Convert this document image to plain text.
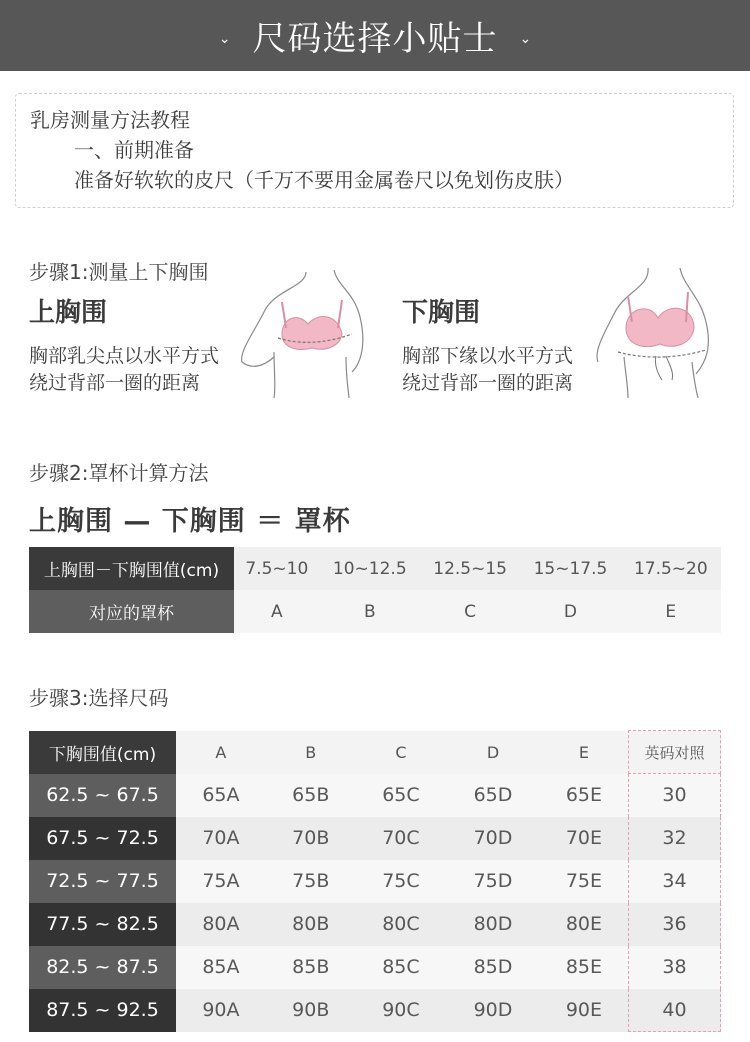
⌄ 尺码选择小贴士 ⌄
乳房测量方法教程
一、前期准备
准备好软软的皮尺（千万不要用金属卷尺以免划伤皮肤）
步骤1:测量上下胸围
上胸围
胸部乳尖点以水平方式
绕过背部一圈的距离
下胸围
胸部下缘以水平方式
绕过背部一圈的距离
步骤2:罩杯计算方法
上胸围 — 下胸围 ＝ 罩杯
上胸围－下胸围值(cm)	7.5~10	10~12.5	12.5~15	15~17.5	17.5~20
对应的罩杯	A	B	C	D	E
步骤3:选择尺码
下胸围值(cm)	A	B	C	D	E	英码对照
62.5 ~ 67.5	65A	65B	65C	65D	65E	30
67.5 ~ 72.5	70A	70B	70C	70D	70E	32
72.5 ~ 77.5	75A	75B	75C	75D	75E	34
77.5 ~ 82.5	80A	80B	80C	80D	80E	36
82.5 ~ 87.5	85A	85B	85C	85D	85E	38
87.5 ~ 92.5	90A	90B	90C	90D	90E	40
